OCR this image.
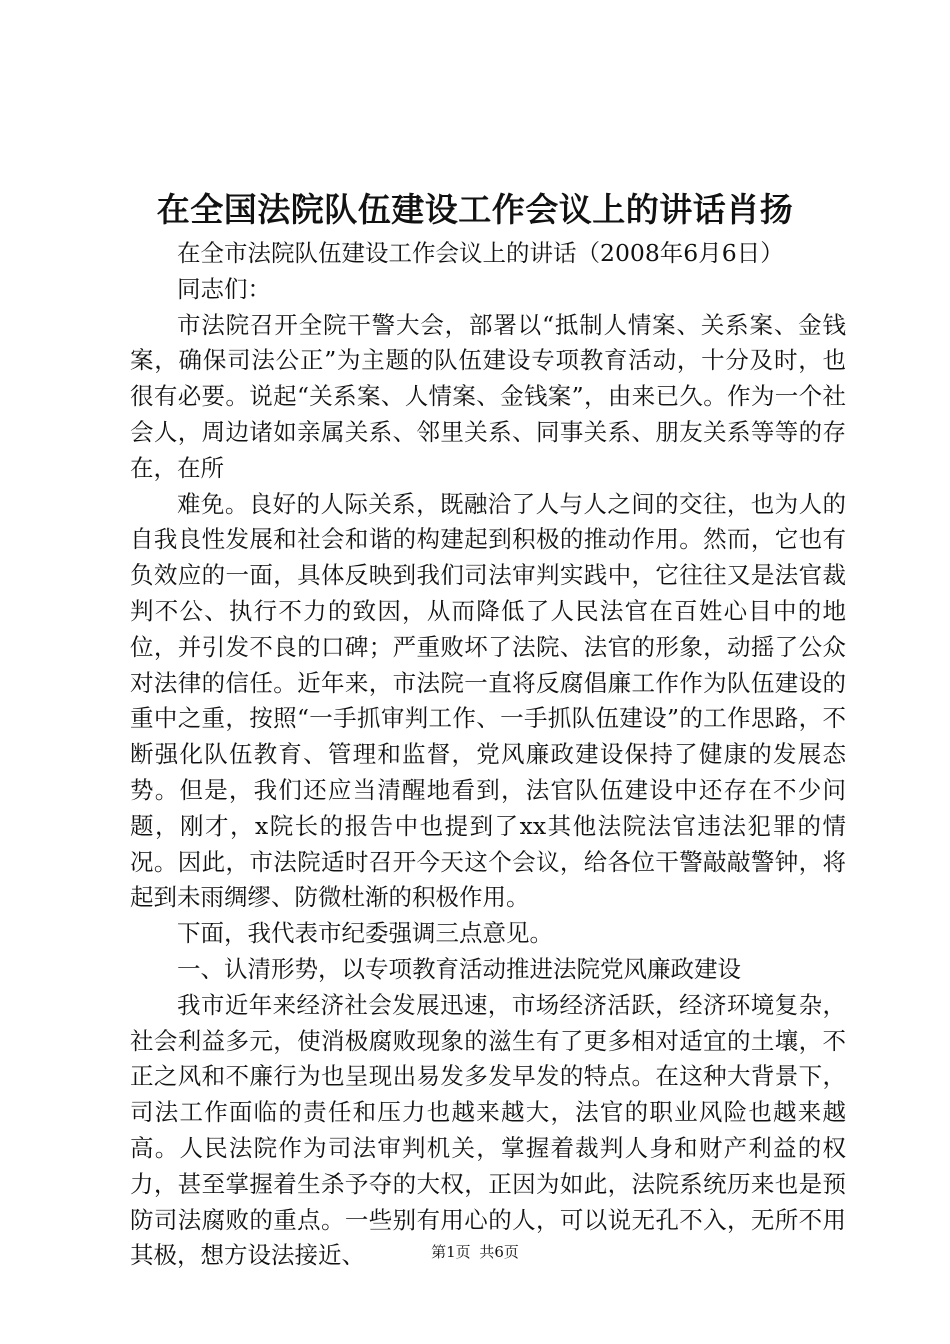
在全国法院队伍建设工作会议上的讲话肖扬

在全市法院队伍建设工作会议上的讲话（2008年6月6日）

同志们：

市法院召开全院干警大会，部署以“抵制人情案、关系案、金钱案，确保司法公正”为主题的队伍建设专项教育活动，十分及时，也很有必要。说起“关系案、人情案、金钱案”，由来已久。作为一个社会人，周边诸如亲属关系、邻里关系、同事关系、朋友关系等等的存在，在所

难免。良好的人际关系，既融洽了人与人之间的交往，也为人的自我良性发展和社会和谐的构建起到积极的推动作用。然而，它也有负效应的一面，具体反映到我们司法审判实践中，它往往又是法官裁判不公、执行不力的致因，从而降低了人民法官在百姓心目中的地位，并引发不良的口碑；严重败坏了法院、法官的形象，动摇了公众对法律的信任。近年来，市法院一直将反腐倡廉工作作为队伍建设的重中之重，按照“一手抓审判工作、一手抓队伍建设”的工作思路，不断强化队伍教育、管理和监督，党风廉政建设保持了健康的发展态势。但是，我们还应当清醒地看到，法官队伍建设中还存在不少问题，刚才，x院长的报告中也提到了xx其他法院法官违法犯罪的情况。因此，市法院适时召开今天这个会议，给各位干警敲敲警钟，将起到未雨绸缪、防微杜渐的积极作用。

下面，我代表市纪委强调三点意见。

一、认清形势，以专项教育活动推进法院党风廉政建设

我市近年来经济社会发展迅速，市场经济活跃，经济环境复杂，社会利益多元，使消极腐败现象的滋生有了更多相对适宜的土壤，不正之风和不廉行为也呈现出易发多发早发的特点。在这种大背景下，司法工作面临的责任和压力也越来越大，法官的职业风险也越来越高。人民法院作为司法审判机关，掌握着裁判人身和财产利益的权力，甚至掌握着生杀予夺的大权，正因为如此，法院系统历来也是预防司法腐败的重点。一些别有用心的人，可以说无孔不入，无所不用其极，想方设法接近、	第1页 共6页
